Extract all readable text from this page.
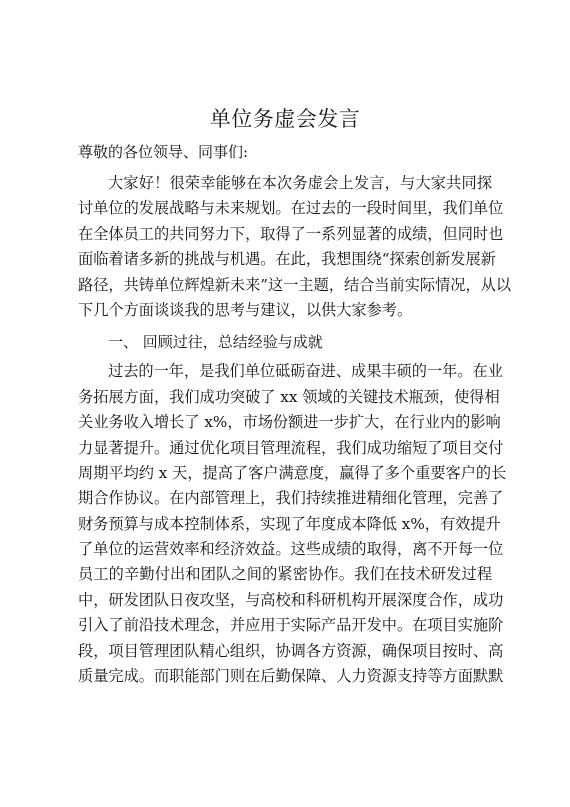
单位务虚会发言
尊敬的各位领导、同事们:
大家好！很荣幸能够在本次务虚会上发言，与大家共同探
讨单位的发展战略与未来规划。在过去的一段时间里，我们单位
在全体员工的共同努力下，取得了一系列显著的成绩，但同时也
面临着诸多新的挑战与机遇。在此，我想围绕“探索创新发展新
路径，共铸单位辉煌新未来”这一主题，结合当前实际情况，从以
下几个方面谈谈我的思考与建议，以供大家参考。
一、 回顾过往，总结经验与成就
过去的一年，是我们单位砥砺奋进、成果丰硕的一年。在业
务拓展方面，我们成功突破了 xx 领域的关键技术瓶颈，使得相
关业务收入增长了 x%，市场份额进一步扩大，在行业内的影响
力显著提升。通过优化项目管理流程，我们成功缩短了项目交付
周期平均约 x 天，提高了客户满意度，赢得了多个重要客户的长
期合作协议。在内部管理上，我们持续推进精细化管理，完善了
财务预算与成本控制体系，实现了年度成本降低 x%，有效提升
了单位的运营效率和经济效益。这些成绩的取得，离不开每一位
员工的辛勤付出和团队之间的紧密协作。我们在技术研发过程
中，研发团队日夜攻坚，与高校和科研机构开展深度合作，成功
引入了前沿技术理念，并应用于实际产品开发中。在项目实施阶
段，项目管理团队精心组织，协调各方资源，确保项目按时、高
质量完成。而职能部门则在后勤保障、人力资源支持等方面默默
